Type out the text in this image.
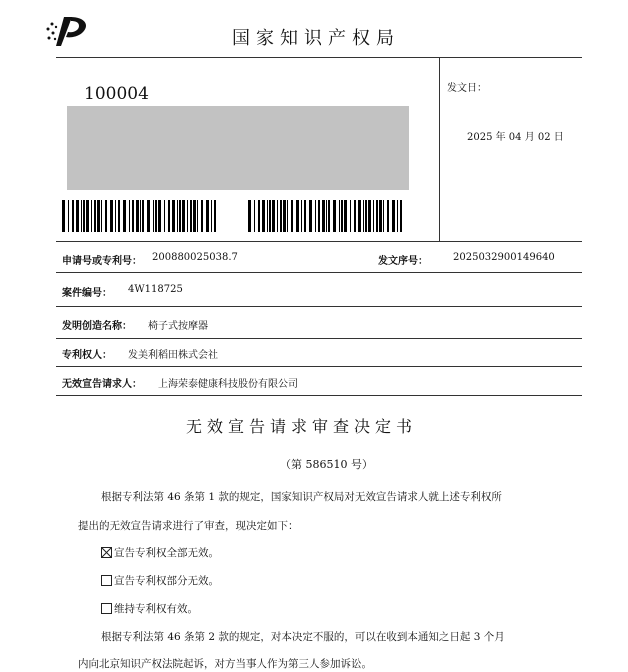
国家知识产权局
100004	发文日：
2025 年 04 月 02 日
申请号或专利号： 200880025038.7	发文序号：	2025032900149640
案件编号： 4W118725
发明创造名称： 椅子式按摩器
专利权人： 发美利稻田株式会社
无效宣告请求人： 上海荣泰健康科技股份有限公司
无效宣告请求审查决定书
（第 586510 号）
根据专利法第 46 条第 1 款的规定，国家知识产权局对无效宣告请求人就上述专利权所
提出的无效宣告请求进行了审查，现决定如下：
宣告专利权全部无效。
宣告专利权部分无效。
维持专利权有效。
根据专利法第 46 条第 2 款的规定，对本决定不服的，可以在收到本通知之日起 3 个月
内向北京知识产权法院起诉，对方当事人作为第三人参加诉讼。
